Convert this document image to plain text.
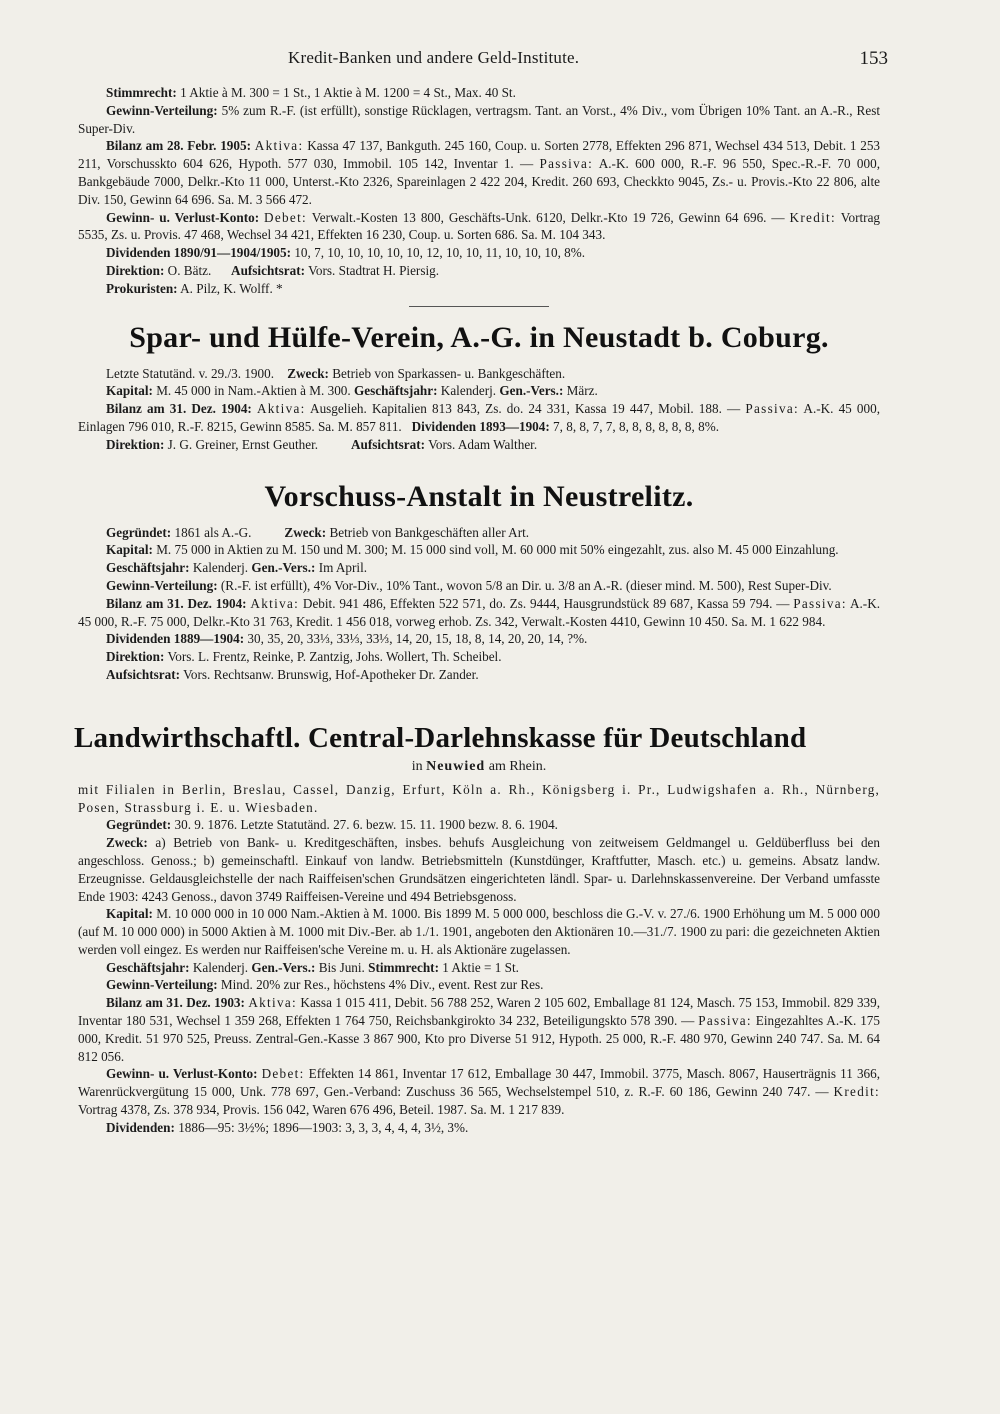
Kredit-Banken und andere Geld-Institute.	153

Stimmrecht: 1 Aktie à M. 300 = 1 St., 1 Aktie à M. 1200 = 4 St., Max. 40 St.

Gewinn-Verteilung: 5% zum R.-F. (ist erfüllt), sonstige Rücklagen, vertragsm. Tant. an Vorst., 4% Div., vom Übrigen 10% Tant. an A.-R., Rest Super-Div.

Bilanz am 28. Febr. 1905: Aktiva: Kassa 47 137, Bankguth. 245 160, Coup. u. Sorten 2778, Effekten 296 871, Wechsel 434 513, Debit. 1 253 211, Vorschusskto 604 626, Hypoth. 577 030, Immobil. 105 142, Inventar 1. — Passiva: A.-K. 600 000, R.-F. 96 550, Spec.-R.-F. 70 000, Bankgebäude 7000, Delkr.-Kto 11 000, Unterst.-Kto 2326, Spareinlagen 2 422 204, Kredit. 260 693, Checkkto 9045, Zs.- u. Provis.-Kto 22 806, alte Div. 150, Gewinn 64 696. Sa. M. 3 566 472.

Gewinn- u. Verlust-Konto: Debet: Verwalt.-Kosten 13 800, Geschäfts-Unk. 6120, Delkr.-Kto 19 726, Gewinn 64 696. — Kredit: Vortrag 5535, Zs. u. Provis. 47 468, Wechsel 34 421, Effekten 16 230, Coup. u. Sorten 686. Sa. M. 104 343.

Dividenden 1890/91—1904/1905: 10, 7, 10, 10, 10, 10, 10, 12, 10, 10, 11, 10, 10, 10, 8%.

Direktion: O. Bätz. Aufsichtsrat: Vors. Stadtrat H. Piersig.

Prokuristen: A. Pilz, K. Wolff. *

Spar- und Hülfe-Verein, A.-G. in Neustadt b. Coburg.

Letzte Statutänd. v. 29./3. 1900. Zweck: Betrieb von Sparkassen- u. Bankgeschäften.

Kapital: M. 45 000 in Nam.-Aktien à M. 300. Geschäftsjahr: Kalenderj. Gen.-Vers.: März.

Bilanz am 31. Dez. 1904: Aktiva: Ausgelieh. Kapitalien 813 843, Zs. do. 24 331, Kassa 19 447, Mobil. 188. — Passiva: A.-K. 45 000, Einlagen 796 010, R.-F. 8215, Gewinn 8585. Sa. M. 857 811. Dividenden 1893—1904: 7, 8, 8, 7, 7, 8, 8, 8, 8, 8, 8, 8%.

Direktion: J. G. Greiner, Ernst Geuther. Aufsichtsrat: Vors. Adam Walther.

Vorschuss-Anstalt in Neustrelitz.

Gegründet: 1861 als A.-G. Zweck: Betrieb von Bankgeschäften aller Art.

Kapital: M. 75 000 in Aktien zu M. 150 und M. 300; M. 15 000 sind voll, M. 60 000 mit 50% eingezahlt, zus. also M. 45 000 Einzahlung.

Geschäftsjahr: Kalenderj. Gen.-Vers.: Im April.

Gewinn-Verteilung: (R.-F. ist erfüllt), 4% Vor-Div., 10% Tant., wovon 5/8 an Dir. u. 3/8 an A.-R. (dieser mind. M. 500), Rest Super-Div.

Bilanz am 31. Dez. 1904: Aktiva: Debit. 941 486, Effekten 522 571, do. Zs. 9444, Hausgrundstück 89 687, Kassa 59 794. — Passiva: A.-K. 45 000, R.-F. 75 000, Delkr.-Kto 31 763, Kredit. 1 456 018, vorweg erhob. Zs. 342, Verwalt.-Kosten 4410, Gewinn 10 450. Sa. M. 1 622 984.

Dividenden 1889—1904: 30, 35, 20, 33⅓, 33⅓, 33⅓, 14, 20, 15, 18, 8, 14, 20, 20, 14, ?%.

Direktion: Vors. L. Frentz, Reinke, P. Zantzig, Johs. Wollert, Th. Scheibel.

Aufsichtsrat: Vors. Rechtsanw. Brunswig, Hof-Apotheker Dr. Zander.

Landwirthschaftl. Central-Darlehnskasse für Deutschland
in Neuwied am Rhein.

mit Filialen in Berlin, Breslau, Cassel, Danzig, Erfurt, Köln a. Rh., Königsberg i. Pr., Ludwigshafen a. Rh., Nürnberg, Posen, Strassburg i. E. u. Wiesbaden.

Gegründet: 30. 9. 1876. Letzte Statutänd. 27. 6. bezw. 15. 11. 1900 bezw. 8. 6. 1904.

Zweck: a) Betrieb von Bank- u. Kreditgeschäften, insbes. behufs Ausgleichung von zeitweisem Geldmangel u. Geldüberfluss bei den angeschloss. Genoss.; b) gemeinschaftl. Einkauf von landw. Betriebsmitteln (Kunstdünger, Kraftfutter, Masch. etc.) u. gemeins. Absatz landw. Erzeugnisse. Geldausgleichstelle der nach Raiffeisen'schen Grundsätzen eingerichteten ländl. Spar- u. Darlehnskassenvereine. Der Verband umfasste Ende 1903: 4243 Genoss., davon 3749 Raiffeisen-Vereine und 494 Betriebsgenoss.

Kapital: M. 10 000 000 in 10 000 Nam.-Aktien à M. 1000. Bis 1899 M. 5 000 000, beschloss die G.-V. v. 27./6. 1900 Erhöhung um M. 5 000 000 (auf M. 10 000 000) in 5000 Aktien à M. 1000 mit Div.-Ber. ab 1./1. 1901, angeboten den Aktionären 10.—31./7. 1900 zu pari: die gezeichneten Aktien werden voll eingez. Es werden nur Raiffeisen'sche Vereine m. u. H. als Aktionäre zugelassen.

Geschäftsjahr: Kalenderj. Gen.-Vers.: Bis Juni. Stimmrecht: 1 Aktie = 1 St.

Gewinn-Verteilung: Mind. 20% zur Res., höchstens 4% Div., event. Rest zur Res.

Bilanz am 31. Dez. 1903: Aktiva: Kassa 1 015 411, Debit. 56 788 252, Waren 2 105 602, Emballage 81 124, Masch. 75 153, Immobil. 829 339, Inventar 180 531, Wechsel 1 359 268, Effekten 1 764 750, Reichsbankgirokto 34 232, Beteiligungskto 578 390. — Passiva: Eingezahltes A.-K. 175 000, Kredit. 51 970 525, Preuss. Zentral-Gen.-Kasse 3 867 900, Kto pro Diverse 51 912, Hypoth. 25 000, R.-F. 480 970, Gewinn 240 747. Sa. M. 64 812 056.

Gewinn- u. Verlust-Konto: Debet: Effekten 14 861, Inventar 17 612, Emballage 30 447, Immobil. 3775, Masch. 8067, Hauserträgnis 11 366, Warenrückvergütung 15 000, Unk. 778 697, Gen.-Verband: Zuschuss 36 565, Wechselstempel 510, z. R.-F. 60 186, Gewinn 240 747. — Kredit: Vortrag 4378, Zs. 378 934, Provis. 156 042, Waren 676 496, Beteil. 1987. Sa. M. 1 217 839.

Dividenden: 1886—95: 3½%; 1896—1903: 3, 3, 3, 4, 4, 4, 3½, 3%.
